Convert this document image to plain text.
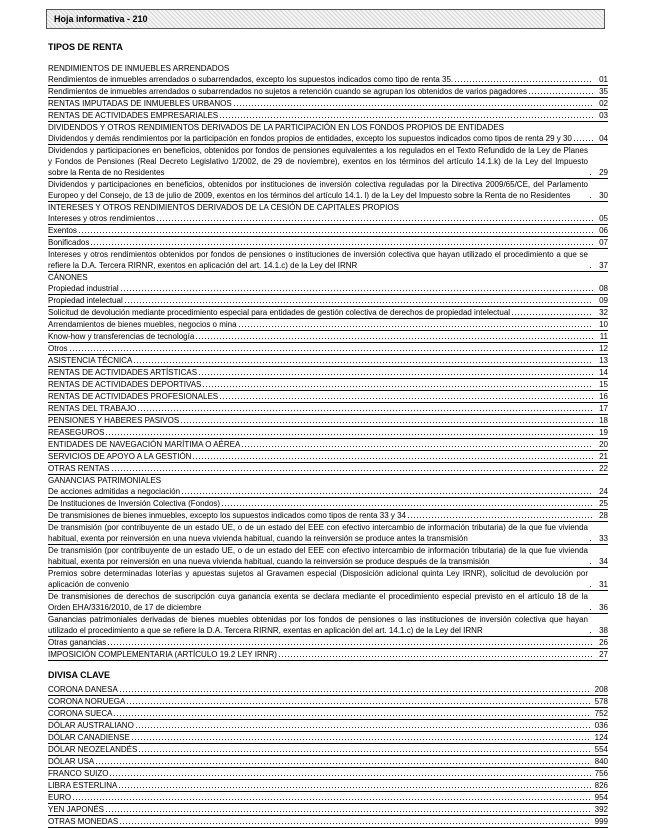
Hoja informativa - 210
TIPOS DE RENTA
RENDIMIENTOS DE INMUEBLES ARRENDADOS
Rendimientos de inmuebles arrendados o subarrendados, excepto los supuestos indicados como tipo de renta 35.	01
Rendimientos de inmuebles arrendados o subarrendados no sujetos a retención cuando se agrupan los obtenidos de varios pagadores	35
RENTAS IMPUTADAS DE INMUEBLES URBANOS	02
RENTAS DE ACTIVIDADES EMPRESARIALES	03
DIVIDENDOS Y OTROS RENDIMIENTOS DERIVADOS DE LA PARTICIPACIÓN EN LOS FONDOS PROPIOS DE ENTIDADES
Dividendos y demás rendimientos por la participación en fondos propios de entidades, excepto los supuestos indicados como tipos de renta 29 y 30	04
Dividendos y participaciones en beneficios, obtenidos por fondos de pensiones equivalentes a los regulados en el Texto Refundido de la Ley de Planes y Fondos de Pensiones (Real Decreto Legislativo 1/2002, de 29 de noviembre), exentos en los términos del artículo 14.1.k) de la Ley del Impuesto sobre la Renta de no Residentes	29
Dividendos y participaciones en beneficios, obtenidos por instituciones de inversión colectiva reguladas por la Directiva 2009/65/CE, del Parlamento Europeo y del Consejo, de 13 de julio de 2009, exentos en los términos del artículo 14.1. l) de la Ley del Impuesto sobre la Renta de no Residentes	30
INTERESES Y OTROS RENDIMIENTOS DERIVADOS DE LA CESIÓN DE CAPITALES PROPIOS
Intereses y otros rendimientos	05
Exentos	06
Bonificados	07
Intereses y otros rendimientos obtenidos por fondos de pensiones o instituciones de inversión colectiva que hayan utilizado el procedimiento a que se refiere la D.A. Tercera RIRNR, exentos en aplicación del art. 14.1.c) de la Ley del IRNR	37
CÁNONES
Propiedad industrial	08
Propiedad intelectual	09
Solicitud de devolución mediante procedimiento especial para entidades de gestión colectiva de derechos de propiedad intelectual	32
Arrendamientos de bienes muebles, negocios o mina	10
Know-how y transferencias de tecnología	11
Otros	12
ASISTENCIA TÉCNICA	13
RENTAS DE ACTIVIDADES ARTÍSTICAS	14
RENTAS DE ACTIVIDADES DEPORTIVAS	15
RENTAS DE ACTIVIDADES PROFESIONALES	16
RENTAS DEL TRABAJO	17
PENSIONES Y HABERES PASIVOS	18
REASEGUROS	19
ENTIDADES DE NAVEGACIÓN MARÍTIMA O AÉREA	20
SERVICIOS DE APOYO A LA GESTIÓN	21
OTRAS RENTAS	22
GANANCIAS PATRIMONIALES
De acciones admitidas a negociación	24
De Instituciones de Inversión Colectiva (Fondos)	25
De transmisiones de bienes inmuebles, excepto los supuestos indicados como tipos de renta 33 y 34	28
De transmisión (por contribuyente de un estado UE, o de un estado del EEE con efectivo intercambio de información tributaria) de la que fue vivienda habitual, exenta por reinversión en una nueva vivienda habitual, cuando la reinversión se produce antes la transmisión	33
De transmisión (por contribuyente de un estado UE, o de un estado del EEE con efectivo intercambio de información tributaria) de la que fue vivienda habitual, exenta por reinversión en una nueva vivienda habitual, cuando la reinversión se produce después de la transmisión	34
Premios sobre determinadas loterías y apuestas sujetos al Gravamen especial (Disposición adicional quinta Ley IRNR), solicitud de devolución por aplicación de convenio	31
De transmisiones de derechos de suscripción cuya ganancia exenta se declara mediante el procedimiento especial previsto en el artículo 18 de la Orden EHA/3316/2010, de 17 de diciembre	36
Ganancias patrimoniales derivadas de bienes muebles obtenidas por los fondos de pensiones o las instituciones de inversión colectiva que hayan utilizado el procedimiento a que se refiere la D.A. Tercera RIRNR, exentas en aplicación del art. 14.1.c) de la Ley del IRNR	38
Otras ganancias	26
IMPOSICIÓN COMPLEMENTARIA (ARTÍCULO 19.2 LEY IRNR)	27
DIVISA CLAVE
CORONA DANESA	208
CORONA NORUEGA	578
CORONA SUECA	752
DÓLAR AUSTRALIANO	036
DÓLAR CANADIENSE	124
DÓLAR NEOZELANDÉS	554
DÓLAR USA	840
FRANCO SUIZO	756
LIBRA ESTERLINA	826
EURO	954
YEN JAPONÉS	392
OTRAS MONEDAS	999
